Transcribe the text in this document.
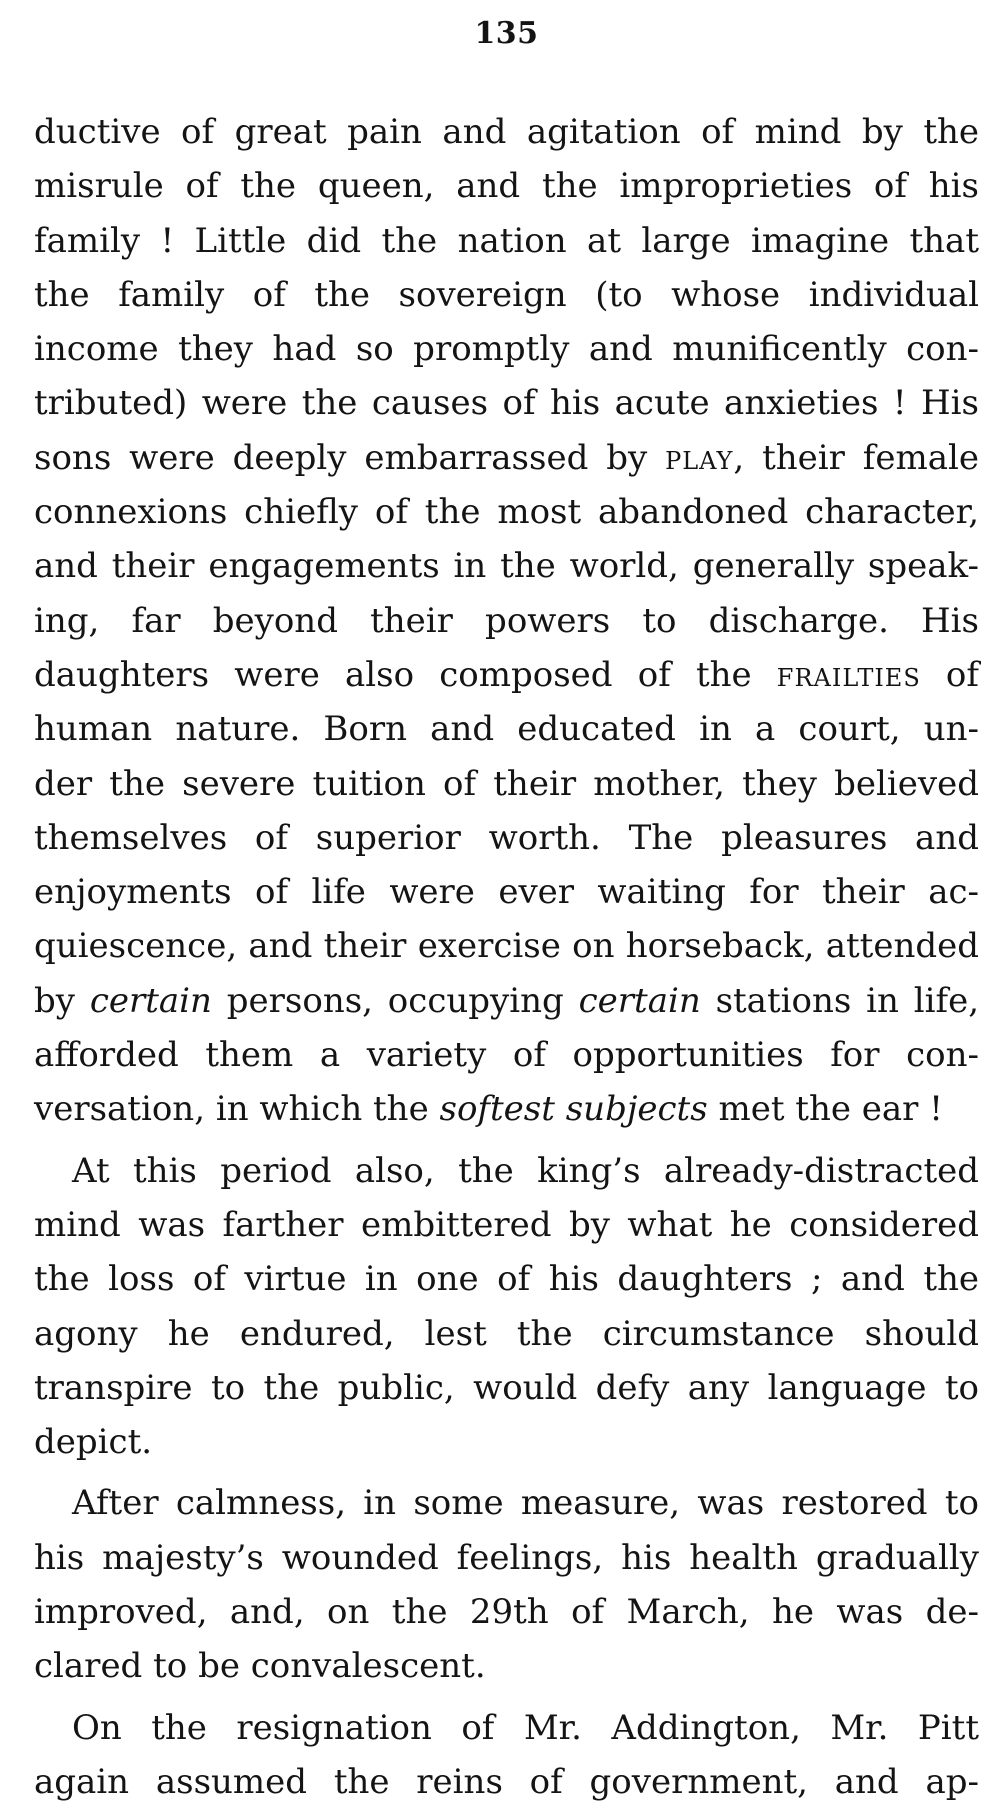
135
ductive of great pain and agitation of mind by the
misrule of the queen, and the improprieties of his
family ! Little did the nation at large imagine that
the family of the sovereign (to whose individual
income they had so promptly and munificently con-
tributed) were the causes of his acute anxieties ! His
sons were deeply embarrassed by play, their female
connexions chiefly of the most abandoned character,
and their engagements in the world, generally speak-
ing, far beyond their powers to discharge. His
daughters were also composed of the frailties of
human nature. Born and educated in a court, un-
der the severe tuition of their mother, they believed
themselves of superior worth. The pleasures and
enjoyments of life were ever waiting for their ac-
quiescence, and their exercise on horseback, attended
by certain persons, occupying certain stations in life,
afforded them a variety of opportunities for con-
versation, in which the softest subjects met the ear !
At this period also, the king’s already-distracted
mind was farther embittered by what he considered
the loss of virtue in one of his daughters ; and the
agony he endured, lest the circumstance should
transpire to the public, would defy any language to
depict.
After calmness, in some measure, was restored to
his majesty’s wounded feelings, his health gradually
improved, and, on the 29th of March, he was de-
clared to be convalescent.
On the resignation of Mr. Addington, Mr. Pitt
again assumed the reins of government, and ap-
